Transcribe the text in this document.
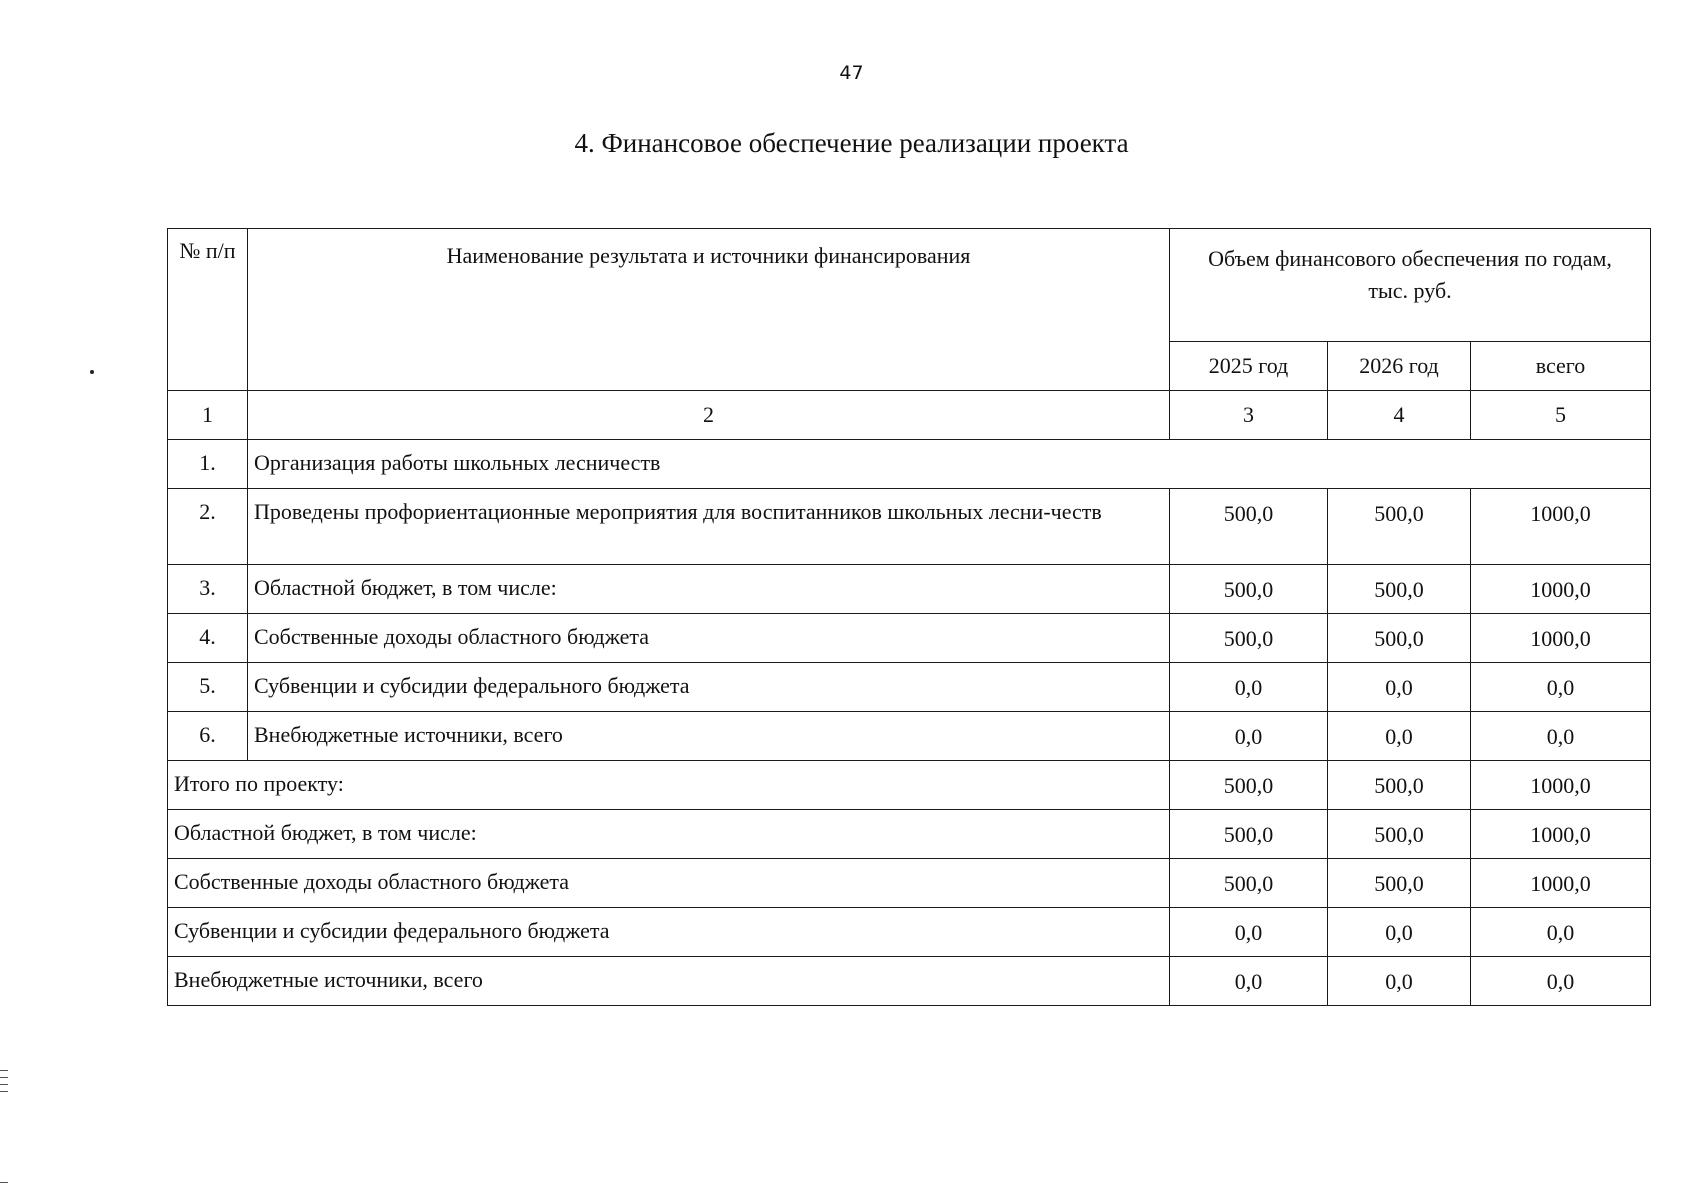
47
4. Финансовое обеспечение реализации проекта
№ п/п	Наименование результата и источники финансирования	Объем финансового обеспечения по годам, тыс. руб.		
		2025 год	2026 год	всего
1	2	3	4	5
1.	Организация работы школьных лесничеств			
2.	Проведены профориентационные мероприятия для воспитанников школьных лесни-честв	500,0	500,0	1000,0
3.	Областной бюджет, в том числе:	500,0	500,0	1000,0
4.	Собственные доходы областного бюджета	500,0	500,0	1000,0
5.	Субвенции и субсидии федерального бюджета	0,0	0,0	0,0
6.	Внебюджетные источники, всего	0,0	0,0	0,0
Итого по проекту:		500,0	500,0	1000,0
Областной бюджет, в том числе:		500,0	500,0	1000,0
Собственные доходы областного бюджета		500,0	500,0	1000,0
Субвенции и субсидии федерального бюджета		0,0	0,0	0,0
Внебюджетные источники, всего		0,0	0,0	0,0
